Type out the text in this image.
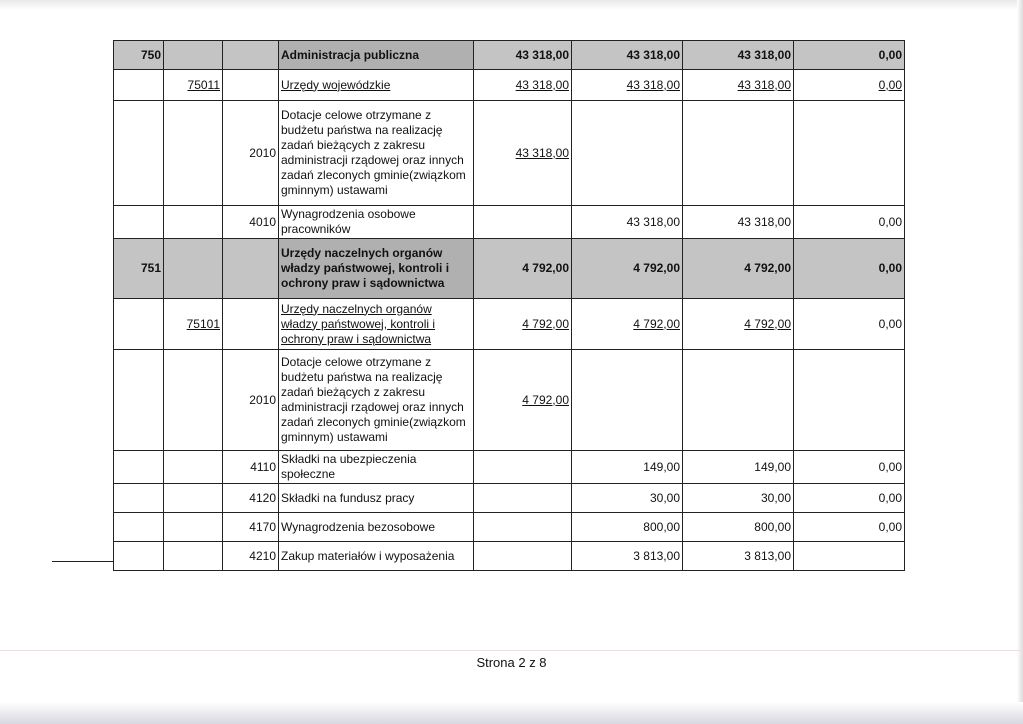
750			Administracja publiczna	43 318,00	43 318,00	43 318,00	0,00
	75011		Urzędy wojewódzkie	43 318,00	43 318,00	43 318,00	0,00
		2010	Dotacje celowe otrzymane z budżetu państwa na realizację zadań bieżących z zakresu administracji rządowej oraz innych zadań zleconych gminie(związkom gminnym) ustawami	43 318,00			
		4010	Wynagrodzenia osobowe pracowników		43 318,00	43 318,00	0,00
751			Urzędy naczelnych organów władzy państwowej, kontroli i ochrony praw i sądownictwa	4 792,00	4 792,00	4 792,00	0,00
	75101		Urzędy naczelnych organów władzy państwowej, kontroli i ochrony praw i sądownictwa	4 792,00	4 792,00	4 792,00	0,00
		2010	Dotacje celowe otrzymane z budżetu państwa na realizację zadań bieżących z zakresu administracji rządowej oraz innych zadań zleconych gminie(związkom gminnym) ustawami	4 792,00			
		4110	Składki na ubezpieczenia społeczne		149,00	149,00	0,00
		4120	Składki na fundusz pracy		30,00	30,00	0,00
		4170	Wynagrodzenia bezosobowe		800,00	800,00	0,00
		4210	Zakup materiałów i wyposażenia		3 813,00	3 813,00	
Strona 2 z 8
